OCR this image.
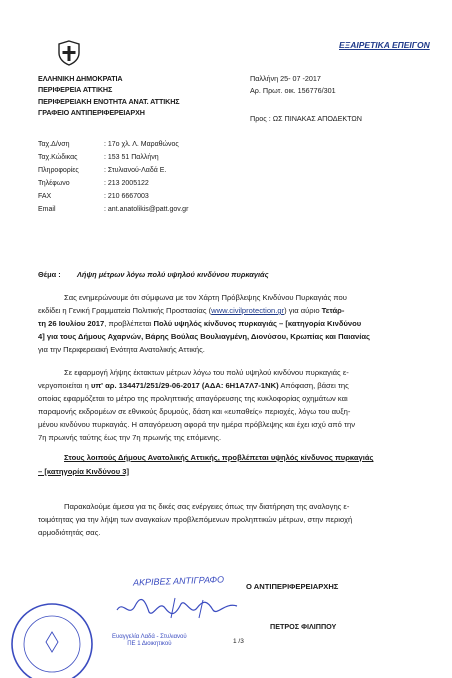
ΕΞΑΙΡΕΤΙΚΑ ΕΠΕΙΓΟΝ
ΕΛΛΗΝΙΚΗ ΔΗΜΟΚΡΑΤΙΑ
ΠΕΡΙΦΕΡΕΙΑ ΑΤΤΙΚΗΣ
ΠΕΡΙΦΕΡΕΙΑΚΗ ΕΝΟΤΗΤΑ ΑΝΑΤ. ΑΤΤΙΚΗΣ
ΓΡΑΦΕΙΟ ΑΝΤΙΠΕΡΙΦΕΡΕΙΑΡΧΗ
Παλλήνη 25- 07 -2017
Αρ. Πρωτ. οικ. 156776/301
Προς : ΩΣ ΠΙΝΑΚΑΣ ΑΠΟΔΕΚΤΩΝ
Ταχ.Δ/νση	: 17ο χλ. Λ. Μαραθώνος
Ταχ.Κώδικας	: 153 51 Παλλήνη
Πληροφορίες	: Στυλιανού-Λαδά Ε.
Τηλέφωνο	: 213 2005122
FAX	: 210 6667003
Email	: ant.anatolikis@patt.gov.gr
Θέμα : Λήψη μέτρων λόγω πολύ υψηλού κινδύνου πυρκαγιάς
Σας ενημερώνουμε ότι σύμφωνα με τον Χάρτη Πρόβλεψης Κινδύνου Πυρκαγιάς που
εκδίδει η Γενική Γραμματεία Πολιτικής Προστασίας (www.civilprotection.gr) για αύριο Τετάρ-
τη 26 Ιουλίου 2017, προβλέπεται Πολύ υψηλός κίνδυνος πυρκαγιάς – [κατηγορία Κινδύνου
4] για τους Δήμους Αχαρνών, Βάρης Βούλας Βουλιαγμένη, Διονύσου, Κρωπίας και Παιανίας
για την Περιφερειακή Ενότητα Ανατολικής Αττικής.
Σε εφαρμογή λήψης έκτακτων μέτρων λόγω του πολύ υψηλού κινδύνου πυρκαγιάς ε-
νεργοποιείται η υπ' αρ. 134471/251/29-06-2017 (ΑΔΑ: 6Η1Α7Λ7-1ΝΚ) Απόφαση, βάσει της
οποίας εφαρμόζεται το μέτρο της προληπτικής απαγόρευσης της κυκλοφορίας οχημάτων και
παραμονής εκδρομέων σε εθνικούς δρυμούς, δάση και «ευπαθείς» περιοχές, λόγω του αυξη-
μένου κινδύνου πυρκαγιάς. Η απαγόρευση αφορά την ημέρα πρόβλεψης και έχει ισχύ από την
7η πρωινής ταύτης έως την 7η πρωινής της επόμενης.
Στους λοιπούς Δήμους Ανατολικής Αττικής, προβλέπεται υψηλός κίνδυνος πυρκαγιάς
– [κατηγορία Κινδύνου 3]
Παρακαλούμε άμεσα για τις δικές σας ενέργειες όπως την διατήρηση της αναλογης ε-
τοιμότητας για την λήψη των αναγκαίων προβλεπόμενων προληπτικών μέτρων, στην περιοχή
αρμοδιότητάς σας.
ΑΚΡΙΒΕΣ ΑΝΤΙΓΡΑΦΟ
Ευαγγελία Λαδά - Στυλιανού
ΠΕ 1 Διοικητικού
Ο ΑΝΤΙΠΕΡΙΦΕΡΕΙΑΡΧΗΣ
ΠΕΤΡΟΣ ΦΙΛΙΠΠΟΥ
1 /3
